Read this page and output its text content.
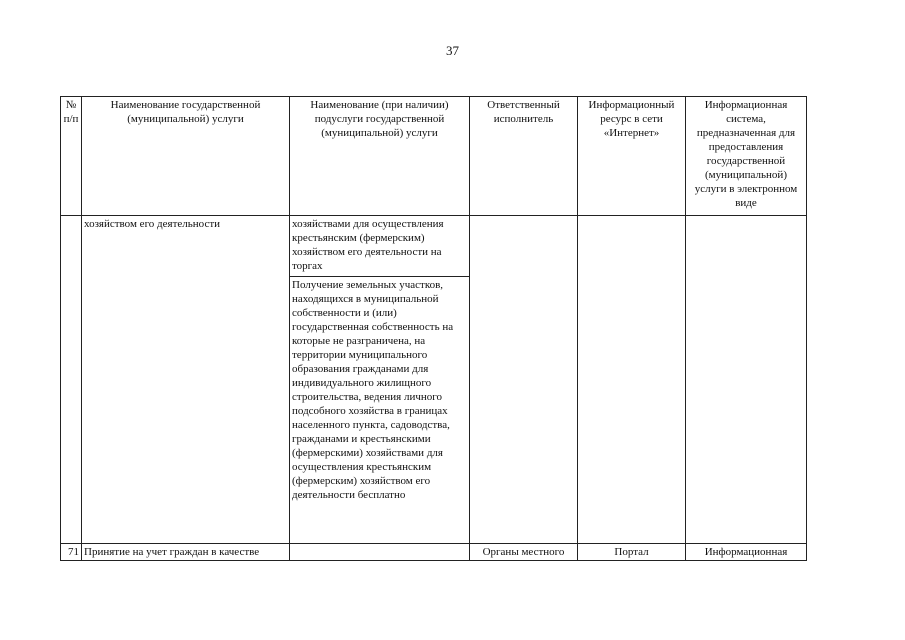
37
№ п/п	Наименование государственной (муниципальной) услуги	Наименование (при наличии) подуслуги государственной (муниципальной) услуги	Ответственный исполнитель	Информационный ресурс в сети «Интернет»	Информационная система, предназначенная для предоставления государственной (муниципальной) услуги в электронном виде
	хозяйством его деятельности	хозяйствами для осуществления крестьянским (фермерским) хозяйством его деятельности на торгах			
		Получение земельных участков, находящихся в муниципальной собственности и (или) государственная собственность на которые не разграничена, на территории муниципального образования гражданами для индивидуального жилищного строительства, ведения личного подсобного хозяйства в границах населенного пункта, садоводства, гражданами и крестьянскими (фермерскими) хозяйствами для осуществления крестьянским (фермерским) хозяйством его деятельности бесплатно			
71	Принятие на учет граждан в качестве		Органы местного	Портал	Информационная
